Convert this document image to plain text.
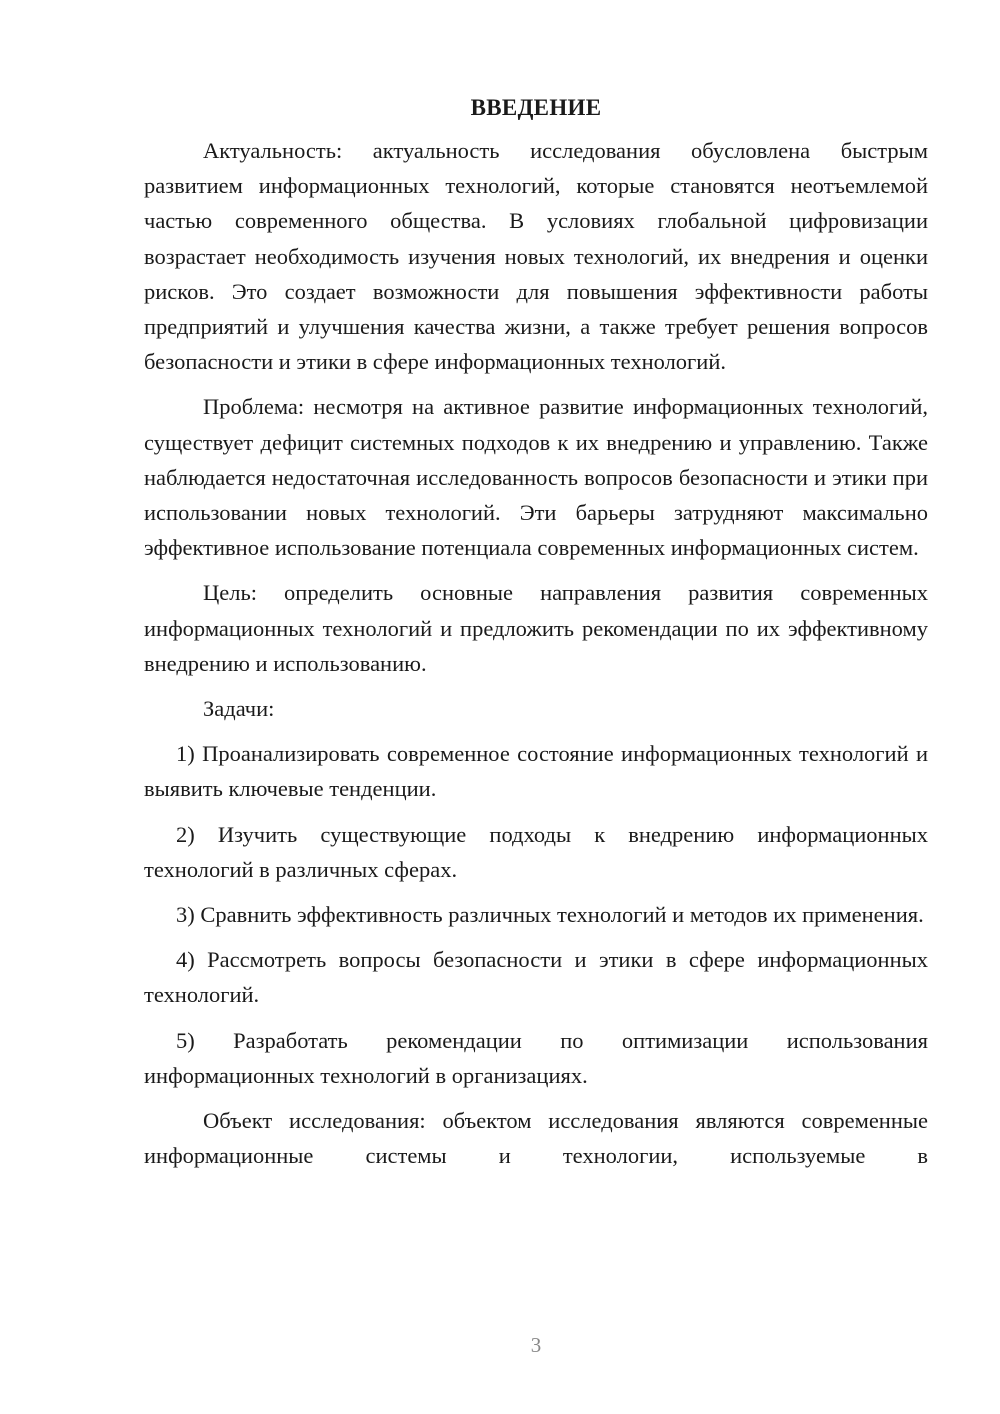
ВВЕДЕНИЕ

Актуальность: актуальность исследования обусловлена быстрым развитием информационных технологий, которые становятся неотъемлемой частью современного общества. В условиях глобальной цифровизации возрастает необходимость изучения новых технологий, их внедрения и оценки рисков. Это создает возможности для повышения эффективности работы предприятий и улучшения качества жизни, а также требует решения вопросов безопасности и этики в сфере информационных технологий.

Проблема: несмотря на активное развитие информационных технологий, существует дефицит системных подходов к их внедрению и управлению. Также наблюдается недостаточная исследованность вопросов безопасности и этики при использовании новых технологий. Эти барьеры затрудняют максимально эффективное использование потенциала современных информационных систем.

Цель: определить основные направления развития современных информационных технологий и предложить рекомендации по их эффективному внедрению и использованию.

Задачи:

1) Проанализировать современное состояние информационных технологий и выявить ключевые тенденции.

2) Изучить существующие подходы к внедрению информационных технологий в различных сферах.

3) Сравнить эффективность различных технологий и методов их применения.

4) Рассмотреть вопросы безопасности и этики в сфере информационных технологий.

5) Разработать рекомендации по оптимизации использования информационных технологий в организациях.

Объект исследования: объектом исследования являются современные информационные системы и технологии, используемые в

3
